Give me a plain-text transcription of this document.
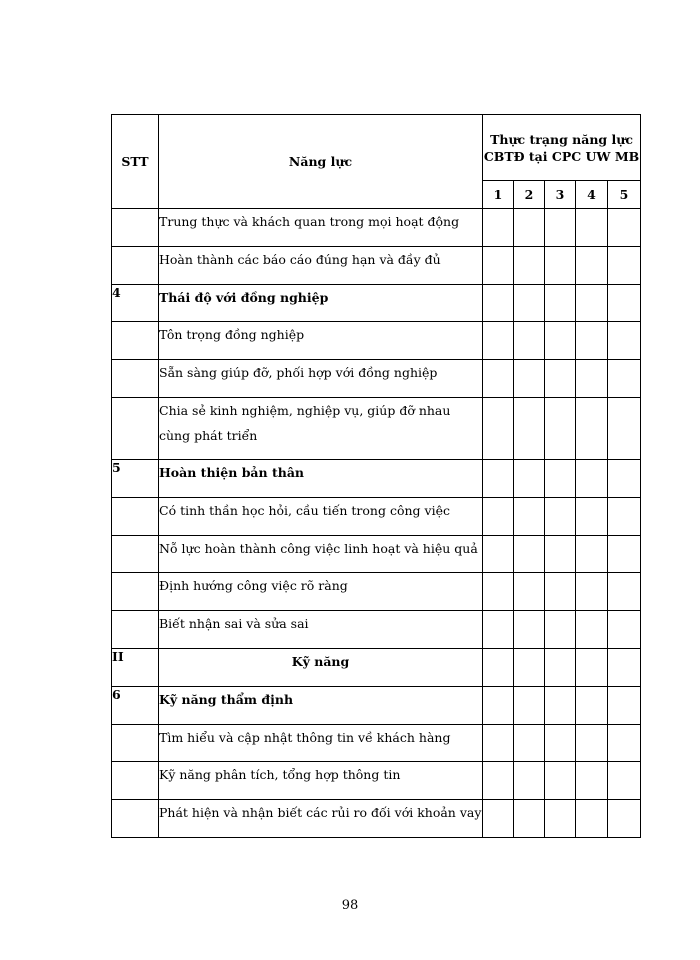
STT	Năng lực	Thực trạng năng lực CBTĐ tại CPC UW MB				
		1	2	3	4	5
	Trung thực và khách quan trong mọi hoạt động					
	Hoàn thành các báo cáo đúng hạn và đầy đủ					
4	Thái độ với đồng nghiệp					
	Tôn trọng đồng nghiệp					
	Sẵn sàng giúp đỡ, phối hợp với đồng nghiệp					
	Chia sẻ kinh nghiệm, nghiệp vụ, giúp đỡ nhau cùng phát triển					
5	Hoàn thiện bản thân					
	Có tinh thần học hỏi, cầu tiến trong công việc					
	Nỗ lực hoàn thành công việc linh hoạt và hiệu quả					
	Định hướng công việc rõ ràng					
	Biết nhận sai và sửa sai					
II	Kỹ năng					
6	Kỹ năng thẩm định					
	Tìm hiểu và cập nhật thông tin về khách hàng					
	Kỹ năng phân tích, tổng hợp thông tin					
	Phát hiện và nhận biết các rủi ro đối với khoản vay					
98
